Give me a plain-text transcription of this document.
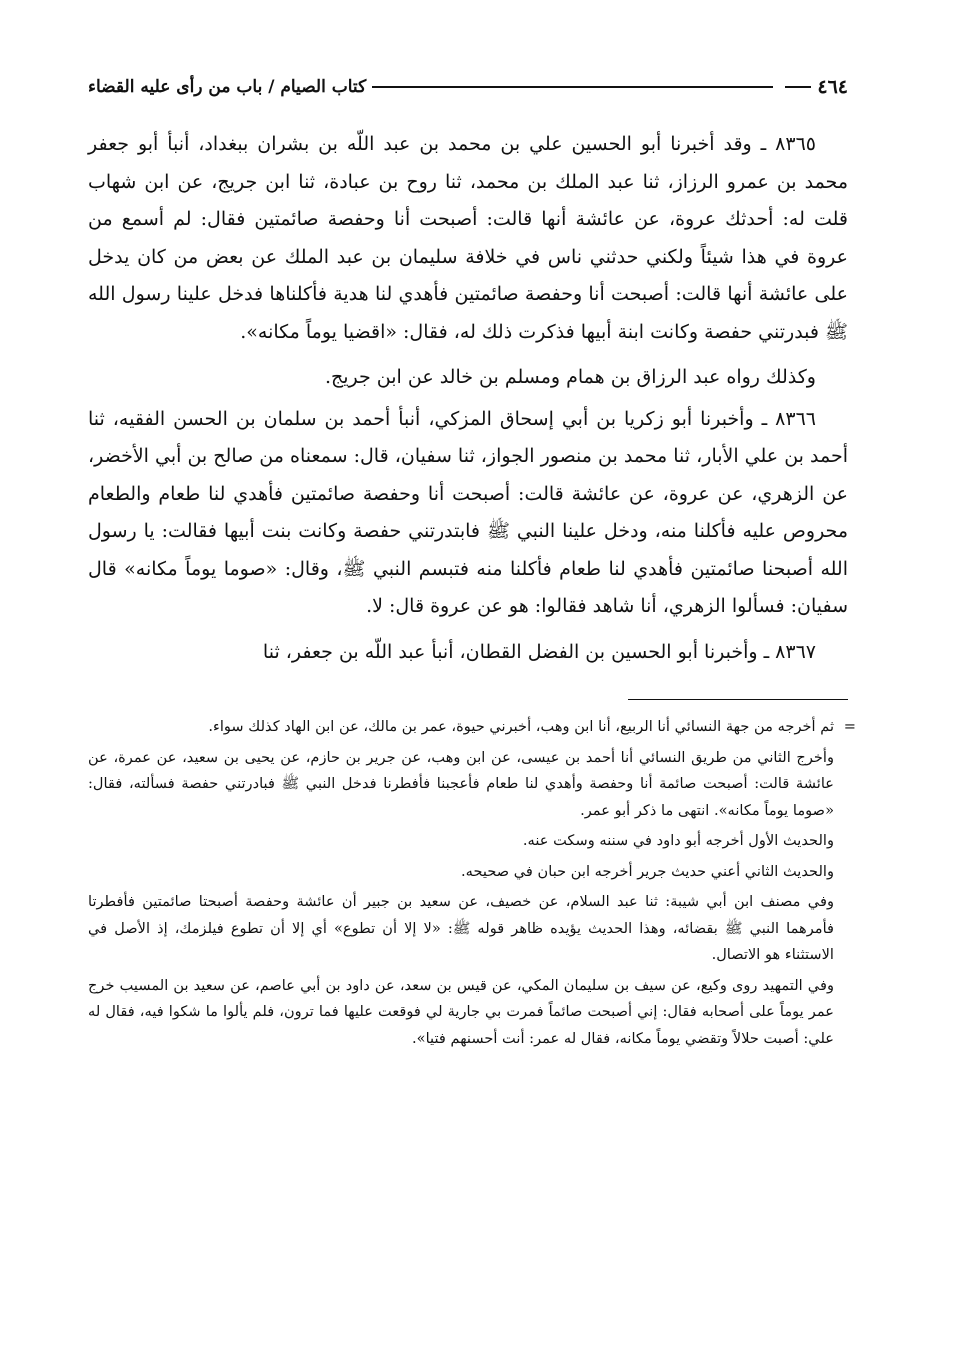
٤٦٤
كتاب الصيام / باب من رأى عليه القضاء

٨٣٦٥ ـ وقد أخبرنا أبو الحسين علي بن محمد بن عبد اللّه بن بشران ببغداد، أنبأ أبو جعفر محمد بن عمرو الرزاز، ثنا عبد الملك بن محمد، ثنا روح بن عبادة، ثنا ابن جريج، عن ابن شهاب قلت له: أحدثك عروة، عن عائشة أنها قالت: أصبحت أنا وحفصة صائمتين فقال: لم أسمع من عروة في هذا شيئاً ولكني حدثني ناس في خلافة سليمان بن عبد الملك عن بعض من كان يدخل على عائشة أنها قالت: أصبحت أنا وحفصة صائمتين فأهدي لنا هدية فأكلناها فدخل علينا رسول الله ﷺ فبدرتني حفصة وكانت ابنة أبيها فذكرت ذلك له، فقال: «اقضيا يوماً مكانه».

وكذلك رواه عبد الرزاق بن همام ومسلم بن خالد عن ابن جريج.

٨٣٦٦ ـ وأخبرنا أبو زكريا بن أبي إسحاق المزكي، أنبأ أحمد بن سلمان بن الحسن الفقيه، ثنا أحمد بن علي الأبار، ثنا محمد بن منصور الجواز، ثنا سفيان، قال: سمعناه من صالح بن أبي الأخضر، عن الزهري، عن عروة، عن عائشة قالت: أصبحت أنا وحفصة صائمتين فأهدي لنا طعام والطعام محروص عليه فأكلنا منه، ودخل علينا النبي ﷺ فابتدرتني حفصة وكانت بنت أبيها فقالت: يا رسول الله أصبحنا صائمتين فأهدي لنا طعام فأكلنا منه فتبسم النبي ﷺ، وقال: «صوما يوماً مكانه» قال سفيان: فسألوا الزهري، أنا شاهد فقالوا: هو عن عروة قال: لا.

٨٣٦٧ ـ وأخبرنا أبو الحسين بن الفضل القطان، أنبأ عبد اللّه بن جعفر، ثنا

=
ثم أخرجه من جهة النسائي أنا الربيع، أنا ابن وهب، أخبرني حيوة، عمر بن مالك، عن ابن الهاد كذلك سواء.

وأخرج الثاني من طريق النسائي أنا أحمد بن عيسى، عن ابن وهب، عن جرير بن حازم، عن يحيى بن سعيد، عن عمرة، عن عائشة قالت: أصبحت صائمة أنا وحفصة وأهدي لنا طعام فأعجبنا فأفطرنا فدخل النبي ﷺ فبادرتني حفصة فسألته، فقال: «صوما يوماً مكانه». انتهى ما ذكر أبو عمر.

والحديث الأول أخرجه أبو داود في سننه وسكت عنه.

والحديث الثاني أعني حديث جرير أخرجه ابن حبان في صحيحه.

وفي مصنف ابن أبي شيبة: ثنا عبد السلام، عن خصيف، عن سعيد بن جبير أن عائشة وحفصة أصبحتا صائمتين فأفطرتا فأمرهما النبي ﷺ بقضائه، وهذا الحديث يؤيده ظاهر قوله ﷺ: «لا إلا أن تطوع» أي إلا أن تطوع فيلزمك، إذ الأصل في الاستثناء هو الاتصال.

وفي التمهيد روى وكيع، عن سيف بن سليمان المكي، عن قيس بن سعد، عن داود بن أبي عاصم، عن سعيد بن المسيب خرج عمر يوماً على أصحابه فقال: إني أصبحت صائماً فمرت بي جارية لي فوقعت عليها فما ترون، فلم يألوا ما شكوا فيه، فقال له علي: أصبت حلالاً وتقضي يوماً مكانه، فقال له عمر: أنت أحسنهم فتيا».
